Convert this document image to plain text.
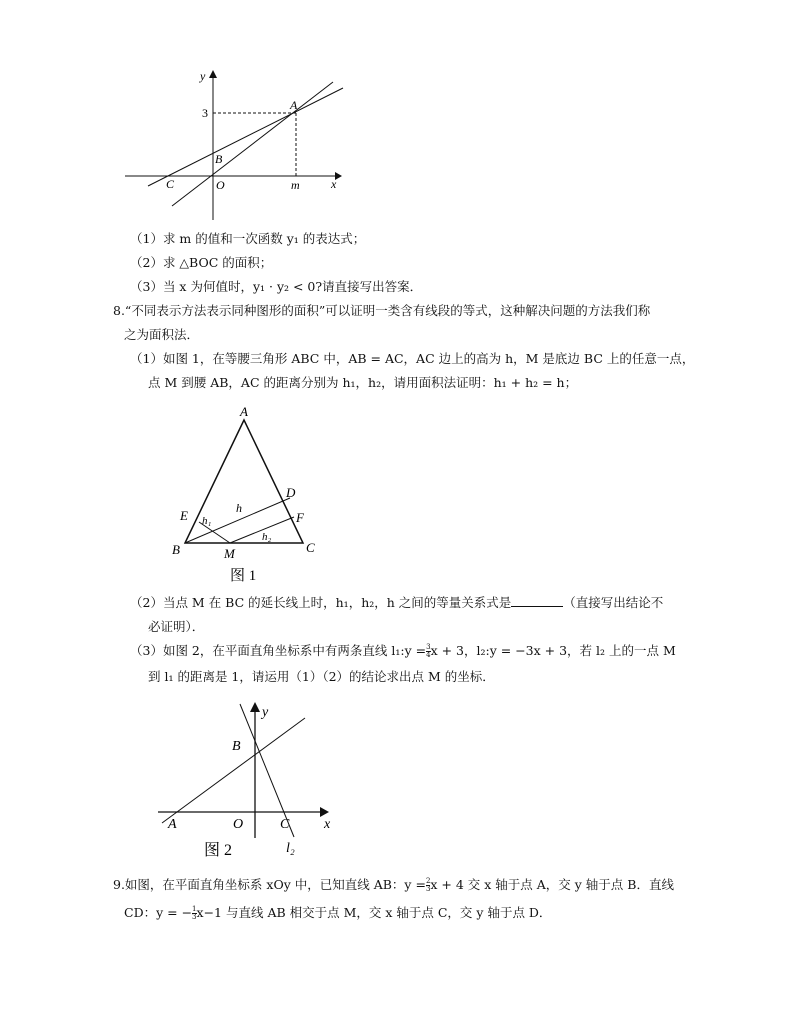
y
x
3
A
B
C	O	m
（1）求 m 的值和一次函数 y₁ 的表达式；
（2）求 △BOC 的面积；
（3）当 x 为何值时，y₁ · y₂ < 0?请直接写出答案．
8.“不同表示方法表示同种图形的面积”可以证明一类含有线段的等式，这种解决问题的方法我们称
之为面积法．
（1）如图 1，在等腰三角形 ABC 中，AB = AC，AC 边上的高为 h，M 是底边 BC 上的任意一点，
点 M 到腰 AB，AC 的距离分别为 h₁，h₂，请用面积法证明：h₁ + h₂ = h；
A
B	C
D
E	F
M
h
h₁
h₂
图 1
（2）当点 M 在 BC 的延长线上时，h₁，h₂，h 之间的等量关系式是	（直接写出结论不
必证明）．
（3）如图 2，在平面直角坐标系中有两条直线 l₁:y = $\frac{3}{4}$ x + 3，l₂:y = −3x + 3，若 l₂ 上的一点 M
到 l₁ 的距离是 1，请运用（1）（2）的结论求出点 M 的坐标．
y
x
B
A	O	C
l₂
图 2
9.如图，在平面直角坐标系 xOy 中，已知直线 AB：$y = \frac{2}{3}$ x + 4 交 x 轴于点 A，交 y 轴于点 B．直线
CD：y = − $\frac{1}{3} x-1$ 与直线 AB 相交于点 M，交 x 轴于点 C，交 y 轴于点 D．
